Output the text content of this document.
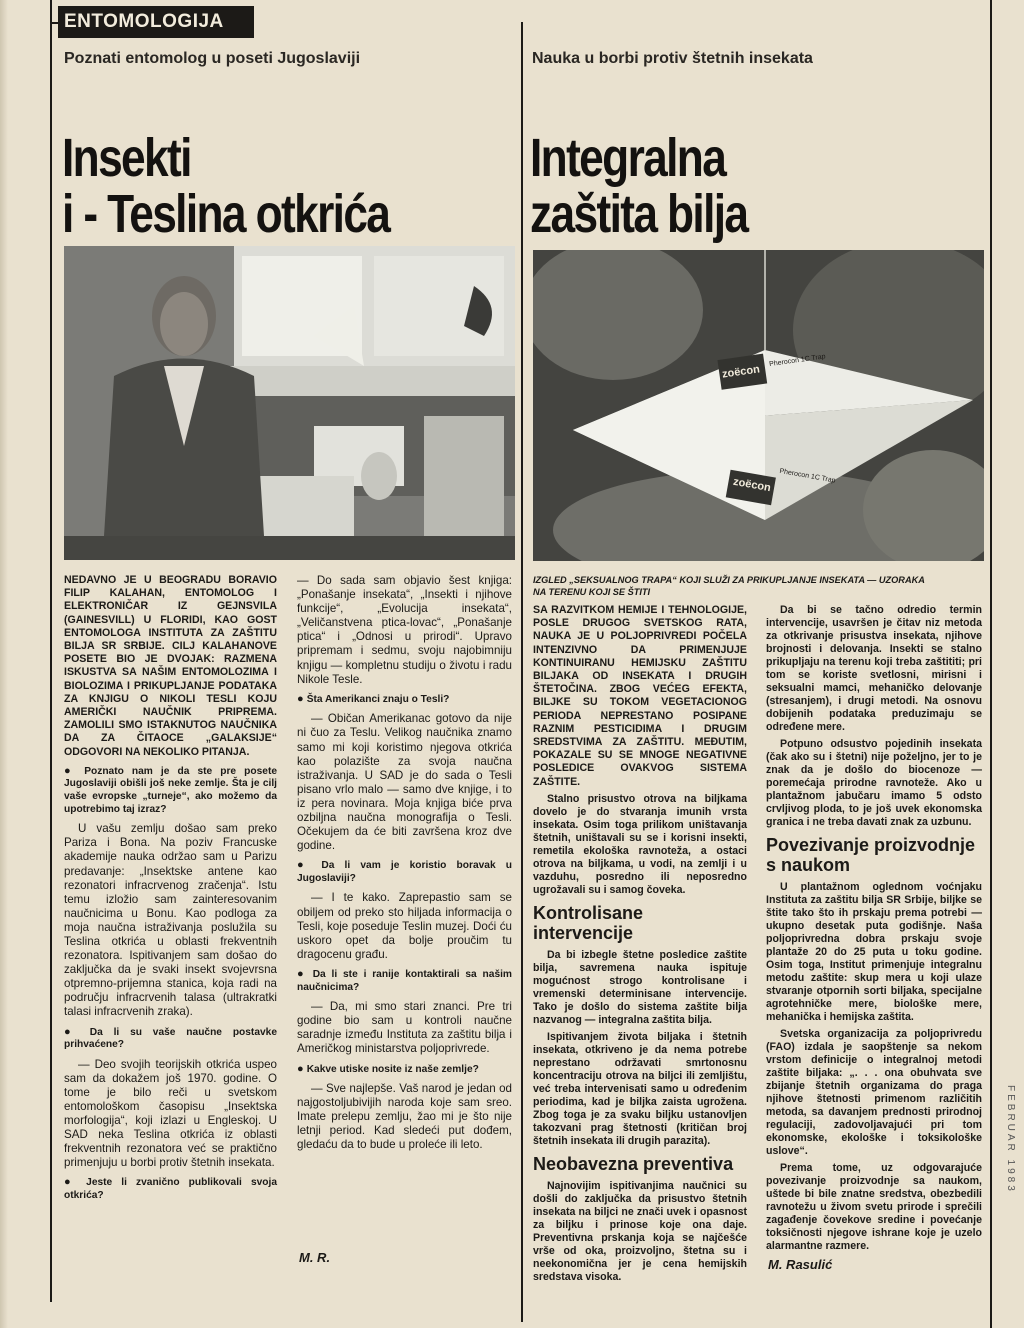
ENTOMOLOGIJA
Poznati entomolog u poseti Jugoslaviji
Insekti
i - Teslina otkrića
Nauka u borbi protiv štetnih insekata
Integralna
zaštita bilja
zoëcon
Pherocon 1C Trap
zoëcon Pherocon 1C Trap

NEDAVNO JE U BEOGRADU BORAVIO FILIP KALAHAN, ENTOMOLOG I ELEKTRONIČAR IZ GEJNSVILA (GAINESVILL) U FLORIDI, KAO GOST ENTOMOLOGA INSTITUTA ZA ZAŠTITU BILJA SR SRBIJE. CILJ KALAHANOVE POSETE BIO JE DVOJAK: RAZMENA ISKUSTVA SA NAŠIM ENTOMOLOZIMA I BIOLOZIMA I PRIKUPLJANJE PODATAKA ZA KNJIGU O NIKOLI TESLI KOJU AMERIČKI NAUČNIK PRIPREMA. ZAMOLILI SMO ISTAKNUTOG NAUČNIKA DA ZA ČITAOCE „GALAKSIJE“ ODGOVORI NA NEKOLIKO PITANJA.

● Poznato nam je da ste pre posete Jugoslaviji obišli još neke zemlje. Šta je cilj vaše evropske „turneje“, ako možemo da upotrebimo taj izraz?

U vašu zemlju došao sam preko Pariza i Bona. Na poziv Francuske akademije nauka održao sam u Parizu predavanje: „Insektske antene kao rezonatori infracrvenog zračenja“. Istu temu izložio sam zainteresovanim naučnicima u Bonu. Kao podloga za moja naučna istraživanja poslužila su Teslina otkrića u oblasti frekventnih rezonatora. Ispitivanjem sam došao do zaključka da je svaki insekt svojevrsna otpremno-prijemna stanica, koja radi na području infracrvenih talasa (ultrakratki talasi infracrvenih zraka).

● Da li su vaše naučne postavke prihvaćene?

— Deo svojih teorijskih otkrića uspeo sam da dokažem još 1970. godine. O tome je bilo reči u svetskom entomološkom časopisu „Insektska morfologija“, koji izlazi u Engleskoj. U SAD neka Teslina otkrića iz oblasti frekventnih rezonatora već se praktično primenjuju u borbi protiv štetnih insekata.

● Jeste li zvanično publikovali svoja otkrića?

— Do sada sam objavio šest knjiga: „Ponašanje insekata“, „Insekti i njihove funkcije“, „Evolucija insekata“, „Veličanstvena ptica-lovac“, „Ponašanje ptica“ i „Odnosi u prirodi“. Upravo pripremam i sedmu, svoju najobimniju knjigu — kompletnu studiju o životu i radu Nikole Tesle.

● Šta Amerikanci znaju o Tesli?

— Običan Amerikanac gotovo da nije ni čuo za Teslu. Velikog naučnika znamo samo mi koji koristimo njegova otkrića kao polazište za svoja naučna istraživanja. U SAD je do sada o Tesli pisano vrlo malo — samo dve knjige, i to iz pera novinara. Moja knjiga biće prva ozbiljna naučna monografija o Tesli. Očekujem da će biti završena kroz dve godine.

● Da li vam je koristio boravak u Jugoslaviji?

— I te kako. Zaprepastio sam se obiljem od preko sto hiljada informacija o Tesli, koje poseduje Teslin muzej. Doći ću uskoro opet da bolje proučim tu dragocenu građu.

● Da li ste i ranije kontaktirali sa našim naučnicima?

— Da, mi smo stari znanci. Pre tri godine bio sam u kontroli naučne saradnje između Instituta za zaštitu bilja i Američkog ministarstva poljoprivrede.

● Kakve utiske nosite iz naše zemlje?

— Sve najlepše. Vaš narod je jedan od najgostoljubivijih naroda koje sam sreo. Imate prelepu zemlju, žao mi je što nije letnji period. Kad sledeći put dođem, gledaću da to bude u proleće ili leto.

M. R.
IZGLED „SEKSUALNOG TRAPA“ KOJI SLUŽI ZA PRIKUPLJANJE INSEKATA — UZORAKA
NA TERENU KOJI SE ŠTITI

SA RAZVITKOM HEMIJE I TEHNOLOGIJE, POSLE DRUGOG SVETSKOG RATA, NAUKA JE U POLJOPRIVREDI POČELA INTENZIVNO DA PRIMENJUJE KONTINUIRANU HEMIJSKU ZAŠTITU BILJAKA OD INSEKATA I DRUGIH ŠTETOČINA. ZBOG VEĆEG EFEKTA, BILJKE SU TOKOM VEGETACIONOG PERIODA NEPRESTANO POSIPANE RAZNIM PESTICIDIMA I DRUGIM SREDSTVIMA ZA ZAŠTITU. MEĐUTIM, POKAZALE SU SE MNOGE NEGATIVNE POSLEDICE OVAKVOG SISTEMA ZAŠTITE.

Stalno prisustvo otrova na biljkama dovelo je do stvaranja imunih vrsta insekata. Osim toga prilikom uništavanja štetnih, uništavali su se i korisni insekti, remetila ekološka ravnoteža, a ostaci otrova na biljkama, u vodi, na zemlji i u vazduhu, posredno ili neposredno ugrožavali su i samog čoveka.

Kontrolisane intervencije

Da bi izbegle štetne posledice zaštite bilja, savremena nauka ispituje mogućnost strogo kontrolisane i vremenski determinisane intervencije. Tako je došlo do sistema zaštite bilja nazvanog — integralna zaštita bilja.

Ispitivanjem života biljaka i štetnih insekata, otkriveno je da nema potrebe neprestano održavati smrtonosnu koncentraciju otrova na biljci ili zemljištu, već treba intervenisati samo u određenim periodima, kad je biljka zaista ugrožena. Zbog toga je za svaku biljku ustanovljen takozvani prag štetnosti (kritičan broj štetnih insekata ili drugih parazita).

Neobavezna preventiva

Najnovijim ispitivanjima naučnici su došli do zaključka da prisustvo štetnih insekata na biljci ne znači uvek i opasnost za biljku i prinose koje ona daje. Preventivna prskanja koja se najčešće vrše od oka, proizvoljno, štetna su i neekonomična jer je cena hemijskih sredstava visoka.

Da bi se tačno odredio termin intervencije, usavršen je čitav niz metoda za otkrivanje prisustva insekata, njihove brojnosti i delovanja. Insekti se stalno prikupljaju na terenu koji treba zaštititi; pri tom se koriste svetlosni, mirisni i seksualni mamci, mehaničko delovanje (stresanjem), i drugi metodi. Na osnovu dobijenih podataka preduzimaju se određene mere.

Potpuno odsustvo pojedinih insekata (čak ako su i štetni) nije poželjno, jer to je znak da je došlo do biocenoze — poremećaja prirodne ravnoteže. Ako u plantažnom jabučaru imamo 5 odsto crvljivog ploda, to je još uvek ekonomska granica i ne treba davati znak za uzbunu.

Povezivanje proizvodnje s naukom

U plantažnom oglednom voćnjaku Instituta za zaštitu bilja SR Srbije, biljke se štite tako što ih prskaju prema potrebi — ukupno desetak puta godišnje. Naša poljoprivredna dobra prskaju svoje plantaže 20 do 25 puta u toku godine. Osim toga, Institut primenjuje integralnu metodu zaštite: skup mera u koji ulaze stvaranje otpornih sorti biljaka, specijalne agrotehničke mere, biološke mere, mehanička i hemijska zaštita.

Svetska organizacija za poljoprivredu (FAO) izdala je saopštenje sa nekom vrstom definicije o integralnoj metodi zaštite biljaka: „. . . ona obuhvata sve zbijanje štetnih organizama do praga njihove štetnosti primenom različitih metoda, sa davanjem prednosti prirodnoj regulaciji, zadovoljavajući pri tom ekonomske, ekološke i toksikološke uslove“.

Prema tome, uz odgovarajuće povezivanje proizvodnje sa naukom, uštede bi bile znatne sredstva, obezbedili ravnotežu u živom svetu prirode i sprečili zagađenje čovekove sredine i povećanje toksičnosti njegove ishrane koje je uzelo alarmantne razmere.

M. Rasulić
FEBRUAR 1983
